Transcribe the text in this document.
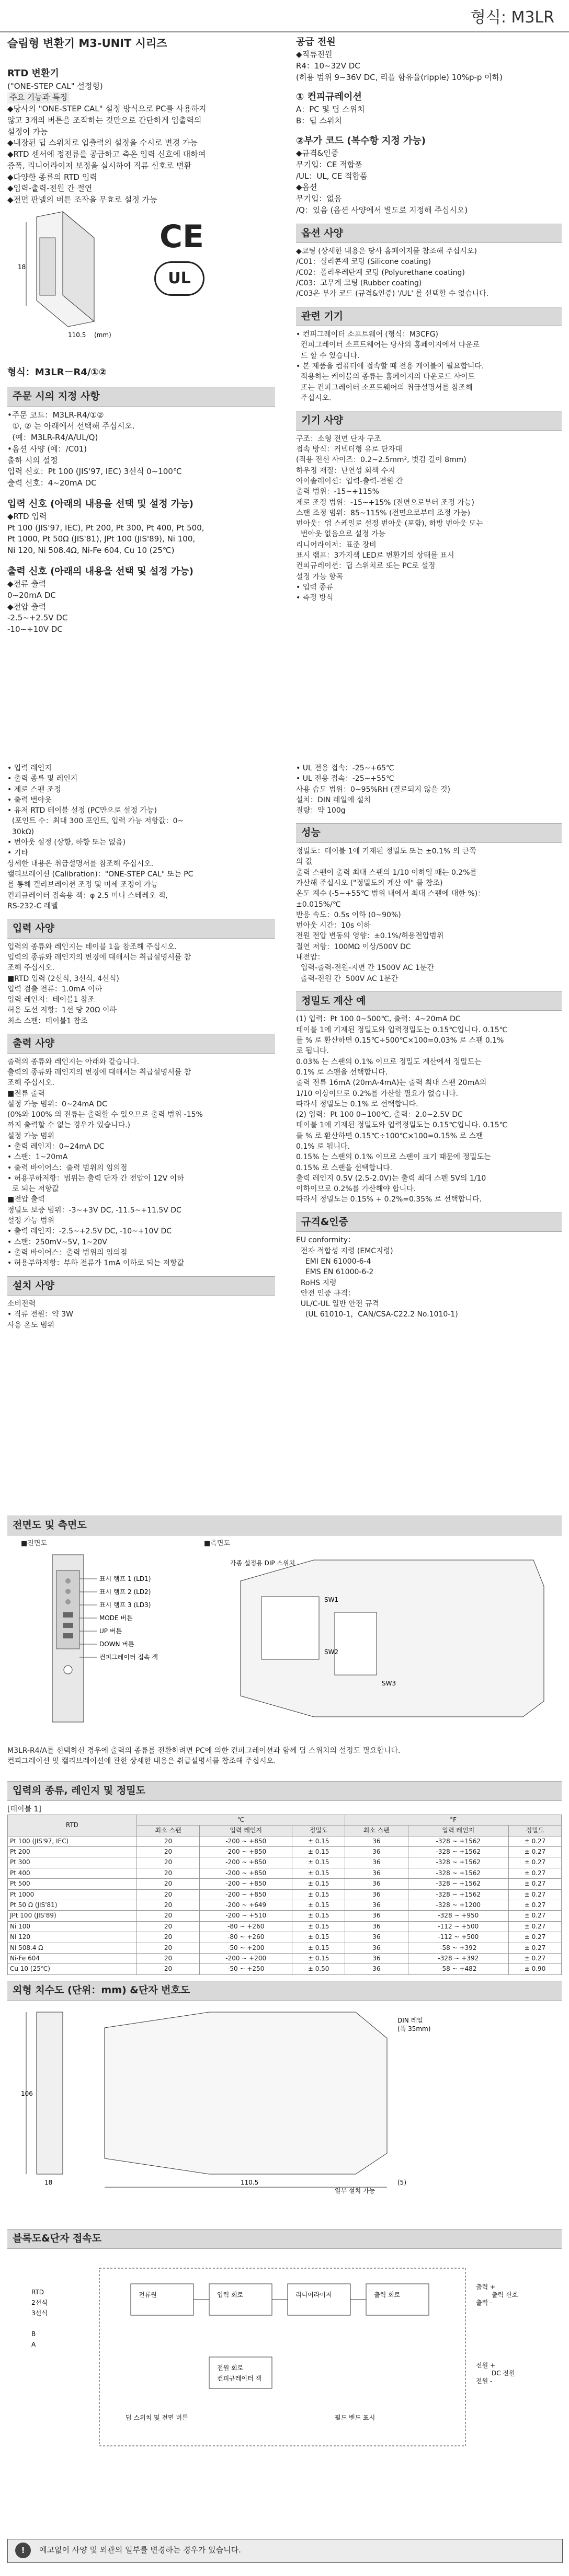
형식: M3LR
슬림형 변환기 M3-UNIT 시리즈
RTD 변환기
("ONE-STEP CAL" 설정형)
주요 기능과 특징
◆당사의 "ONE-STEP CAL" 설정 방식으로 PC를 사용하지
않고 3개의 버튼을 조작하는 것만으로 간단하게 입출력의
설정이 가능
◆내장된 딥 스위치로 입출력의 설정을 수시로 변경 가능
◆RTD 센서에 정전류를 공급하고 측온 입력 신호에 대하여
증폭, 리니어라이저 보정을 실시하여 직류 신호로 변환
◆다양한 종류의 RTD 입력
◆입력-출력-전원 간 절연
◆전면 판넬의 버튼 조작을 무효로 설정 가능
18
110.5 (mm)
CE
UL
형식：M3LR－R4/①②
주문 시의 지정 사항
•주문 코드：M3LR-R4/①②
①, ② 는 아래에서 선택해 주십시오.
(예：M3LR-R4/A/UL/Q)
•옵션 사양 (예：/C01)
출하 시의 설정
입력 신호：Pt 100 (JIS'97, IEC) 3선식 0~100℃
출력 신호：4~20mA DC
입력 신호 (아래의 내용을 선택 및 설정 가능)
◆RTD 입력
Pt 100 (JIS'97, IEC), Pt 200, Pt 300, Pt 400, Pt 500,
Pt 1000, Pt 50Ω (JIS'81), JPt 100 (JIS'89), Ni 100,
Ni 120, Ni 508.4Ω, Ni-Fe 604, Cu 10 (25℃)
출력 신호 (아래의 내용을 선택 및 설정 가능)
◆전류 출력
0~20mA DC
◆전압 출력
-2.5~+2.5V DC
-10~+10V DC
공급 전원
◆직류전원
R4：10~32V DC
(허용 범위 9~36V DC, 리플 함유율(ripple) 10%p-p 이하)
① 컨피규레이션
A：PC 및 딥 스위치
B：딥 스위치
②부가 코드 (복수항 지정 가능)
◆규격&인증
무기입：CE 적합품
/UL：UL, CE 적합품
◆옵션
무기입：없음
/Q：있음 (옵션 사양에서 별도로 지정해 주십시오)
옵션 사양
◆코팅 (상세한 내용은 당사 홈페이지를 참조해 주십시오)
/C01：실리콘계 코팅 (Silicone coating)
/C02：폴리우레탄계 코팅 (Polyurethane coating)
/C03：고무계 코팅 (Rubber coating)
/C03은 부가 코드 (규격&인증) '/UL' 를 선택할 수 없습니다.
관련 기기
• 컨피그레이터 소프트웨어 (형식：M3CFG)
컨피그레이터 소프트웨어는 당사의 홈페이지에서 다운로
드 할 수 있습니다.
• 본 제품을 컴퓨터에 접속할 때 전용 케이블이 필요합니다.
적용하는 케이블의 종류는 홈페이지의 다운로드 사이트
또는 컨피그레이터 소프트웨어의 취급설명서를 참조해
주십시오.
기기 사양
구조：소형 전면 단자 구조
접속 방식：커넥터형 유로 단자대
(적용 전선 사이즈：0.2~2.5mm², 벗김 길이 8mm)
하우징 재질：난연성 회색 수지
아이솔레이션：입력-출력-전원 간
출력 범위：-15~+115%
제로 조정 범위：-15~+15% (전면으로부터 조정 가능)
스팬 조정 범위：85~115% (전면으로부터 조정 가능)
번아웃：업 스케일로 설정 번아웃 (포함), 하방 번아웃 또는
번아웃 없음으로 설정 가능
리니어라이저：표준 장비
표시 램프：3가지색 LED로 변환기의 상태를 표시
컨피규레이션：딥 스위치로 또는 PC로 설정
설정 가능 항목
• 입력 종류
• 측정 방식
• 입력 레인지
• 출력 종류 및 레인지
• 제로 스팬 조정
• 출력 번아웃
• 유저 RTD 테이블 설정 (PC만으로 설정 가능)
(포인트 수：최대 300 포인트, 입력 가능 저항값：0~
30kΩ)
• 번아웃 설정 (상향, 하향 또는 없음)
• 기타
상세한 내용은 취급설명서를 참조해 주십시오.
캘리브레이션 (Calibration)："ONE-STEP CAL" 또는 PC
를 통해 캘리브레이션 조정 및 미세 조정이 가능
컨피규레이터 접속용 잭：φ 2.5 미니 스테레오 잭,
RS-232-C 레벨
입력 사양
입력의 종류와 레인지는 테이블 1을 참조해 주십시오.
입력의 종류와 레인지의 변경에 대해서는 취급설명서를 참
조해 주십시오.
■RTD 입력 (2선식, 3선식, 4선식)
입력 검출 전류：1.0mA 이하
입력 레인지：테이블1 참조
허용 도선 저항：1선 당 20Ω 이하
최소 스팬：테이블1 참조
출력 사양
출력의 종류와 레인지는 아래와 같습니다.
출력의 종류와 레인지의 변경에 대해서는 취급설명서를 참
조해 주십시오.
■전류 출력
설정 가능 범위：0~24mA DC
(0%와 100% 의 전류는 출력할 수 있으므로 출력 범위 -15%
까지 출력할 수 없는 경우가 있습니다.)
설정 가능 범위
• 출력 레인지：0~24mA DC
• 스팬：1~20mA
• 출력 바이어스：출력 범위의 임의점
• 허용부하저항：범위는 출력 단자 간 전압이 12V 이하
로 되는 저항값
■전압 출력
정밀도 보증 범위：-3~+3V DC, -11.5~+11.5V DC
설정 가능 범위
• 출력 레인지：-2.5~+2.5V DC, -10~+10V DC
• 스팬：250mV~5V, 1~20V
• 출력 바이어스：출력 범위의 임의점
• 허용부하저항：부하 전류가 1mA 이하로 되는 저항값
설치 사양
소비전력
• 직류 전원：약 3W
사용 온도 범위
• UL 전용 접속：-25~+65℃
• UL 전용 접속：-25~+55℃
사용 습도 범위：0~95%RH (결로되지 않을 것)
설치：DIN 레일에 설치
질량：약 100g
성능
정밀도：테이블 1에 기재된 정밀도 또는 ±0.1% 의 큰쪽
의 값
출력 스팬이 출력 최대 스팬의 1/10 이하일 때는 0.2%를
가산해 주십시오 ("정밀도의 계산 예" 를 참조)
온도 계수 (-5~+55℃ 범위 내에서 최대 스팬에 대한 %)：
±0.015%/℃
반응 속도：0.5s 이하 (0~90%)
번아웃 시간：10s 이하
전원 전압 변동의 영향：±0.1%/허용전압범위
절연 저항：100MΩ 이상/500V DC
내전압：
입력-출력-전원-지면 간 1500V AC 1분간
출력-전원 간  500V AC 1분간
정밀도 계산 예
(1) 입력：Pt 100 0~500℃, 출력：4~20mA DC
테이블 1에 기재된 정밀도와 입력정밀도는 0.15℃입니다. 0.15℃
를 % 로 환산하면 0.15℃÷500℃×100=0.03% 로 스팬 0.1%
로 됩니다.
0.03% 는 스팬의 0.1% 이므로 정밀도 계산에서 정밀도는
0.1% 로 스팬을 선택합니다.
출력 전류 16mA (20mA-4mA)는 출력 최대 스팬 20mA의
1/10 이상이므로 0.2%를 가산할 필요가 없습니다.
따라서 정밀도는 0.1% 로 선택합니다.
(2) 입력：Pt 100 0~100℃, 출력：2.0~2.5V DC
테이블 1에 기재된 정밀도와 입력정밀도는 0.15℃입니다. 0.15℃
를 % 로 환산하면 0.15℃÷100℃×100=0.15% 로 스팬
0.1% 로 됩니다.
0.15% 는 스팬의 0.1% 이므로 스팬이 크기 때문에 정밀도는
0.15% 로 스팬을 선택합니다.
출력 레인지 0.5V (2.5-2.0V)는 출력 최대 스펜 5V의 1/10
이하이므로 0.2%를 가산해야 합니다.
따라서 정밀도는 0.15% + 0.2%=0.35% 로 선택합니다.
규격&인증
EU conformity：
전자 적합성 지령 (EMC지령)
EMI EN 61000-6-4
EMS EN 61000-6-2
RoHS 지령
안전 인증 규격：
UL/C-UL 일반 안전 규격
(UL 61010-1，CAN/CSA-C22.2 No.1010-1)
전면도 및 측면도
■전면도	■측면도
표시 램프 1 (LD1)
표시 램프 2 (LD2)
표시 램프 3 (LD3)
MODE 버튼
UP 버튼
DOWN 버튼
컨피그레이터 접속 잭
각종 설정용 DIP 스위치
SW1
SW2
SW3
M3LR-R4/A를 선택하신 경우에 출력의 종류를 전환하려면 PC에 의한 컨피그레이션과 함께 딥 스위치의 설정도 필요합니다.
컨피그레이션 및 캘리브레이션에 관한 상세한 내용은 취급설명서를 참조해 주십시오.
입력의 종류, 레인지 및 정밀도
[테이블 1]
RTD	℃			°F		
	최소 스팬	입력 레인지	정밀도	최소 스팬	입력 레인지	정밀도
Pt 100 (JIS'97, IEC)	20	-200 ~ +850	± 0.15	36	-328 ~ +1562	± 0.27
Pt 200	20	-200 ~ +850	± 0.15	36	-328 ~ +1562	± 0.27
Pt 300	20	-200 ~ +850	± 0.15	36	-328 ~ +1562	± 0.27
Pt 400	20	-200 ~ +850	± 0.15	36	-328 ~ +1562	± 0.27
Pt 500	20	-200 ~ +850	± 0.15	36	-328 ~ +1562	± 0.27
Pt 1000	20	-200 ~ +850	± 0.15	36	-328 ~ +1562	± 0.27
Pt 50 Ω (JIS'81)	20	-200 ~ +649	± 0.15	36	-328 ~ +1200	± 0.27
JPt 100 (JIS'89)	20	-200 ~ +510	± 0.15	36	-328 ~ +950	± 0.27
Ni 100	20	-80 ~ +260	± 0.15	36	-112 ~ +500	± 0.27
Ni 120	20	-80 ~ +260	± 0.15	36	-112 ~ +500	± 0.27
Ni 508.4 Ω	20	-50 ~ +200	± 0.15	36	-58 ~ +392	± 0.27
Ni-Fe 604	20	-200 ~ +200	± 0.15	36	-328 ~ +392	± 0.27
Cu 10 (25℃)	20	-50 ~ +250	± 0.50	36	-58 ~ +482	± 0.90
외형 치수도 (단위：mm) &단자 번호도
106
18	110.5
DIN 레일
(폭 35mm)
(5)
일부 설치 가능
블록도&단자 접속도
RTD
2선식
3선식
B
A
전류원	입력 회로	리니어라이저	출력 회로
전원 회로
컨피규레이터 잭
출력 +
출력 -
전원 +
전원 -
출력 신호
DC 전원
딥 스위치 및 전면 버튼	필드 밴드 표시
!	예고없이 사양 및 외관의 일부를 변경하는 경우가 있습니다.
